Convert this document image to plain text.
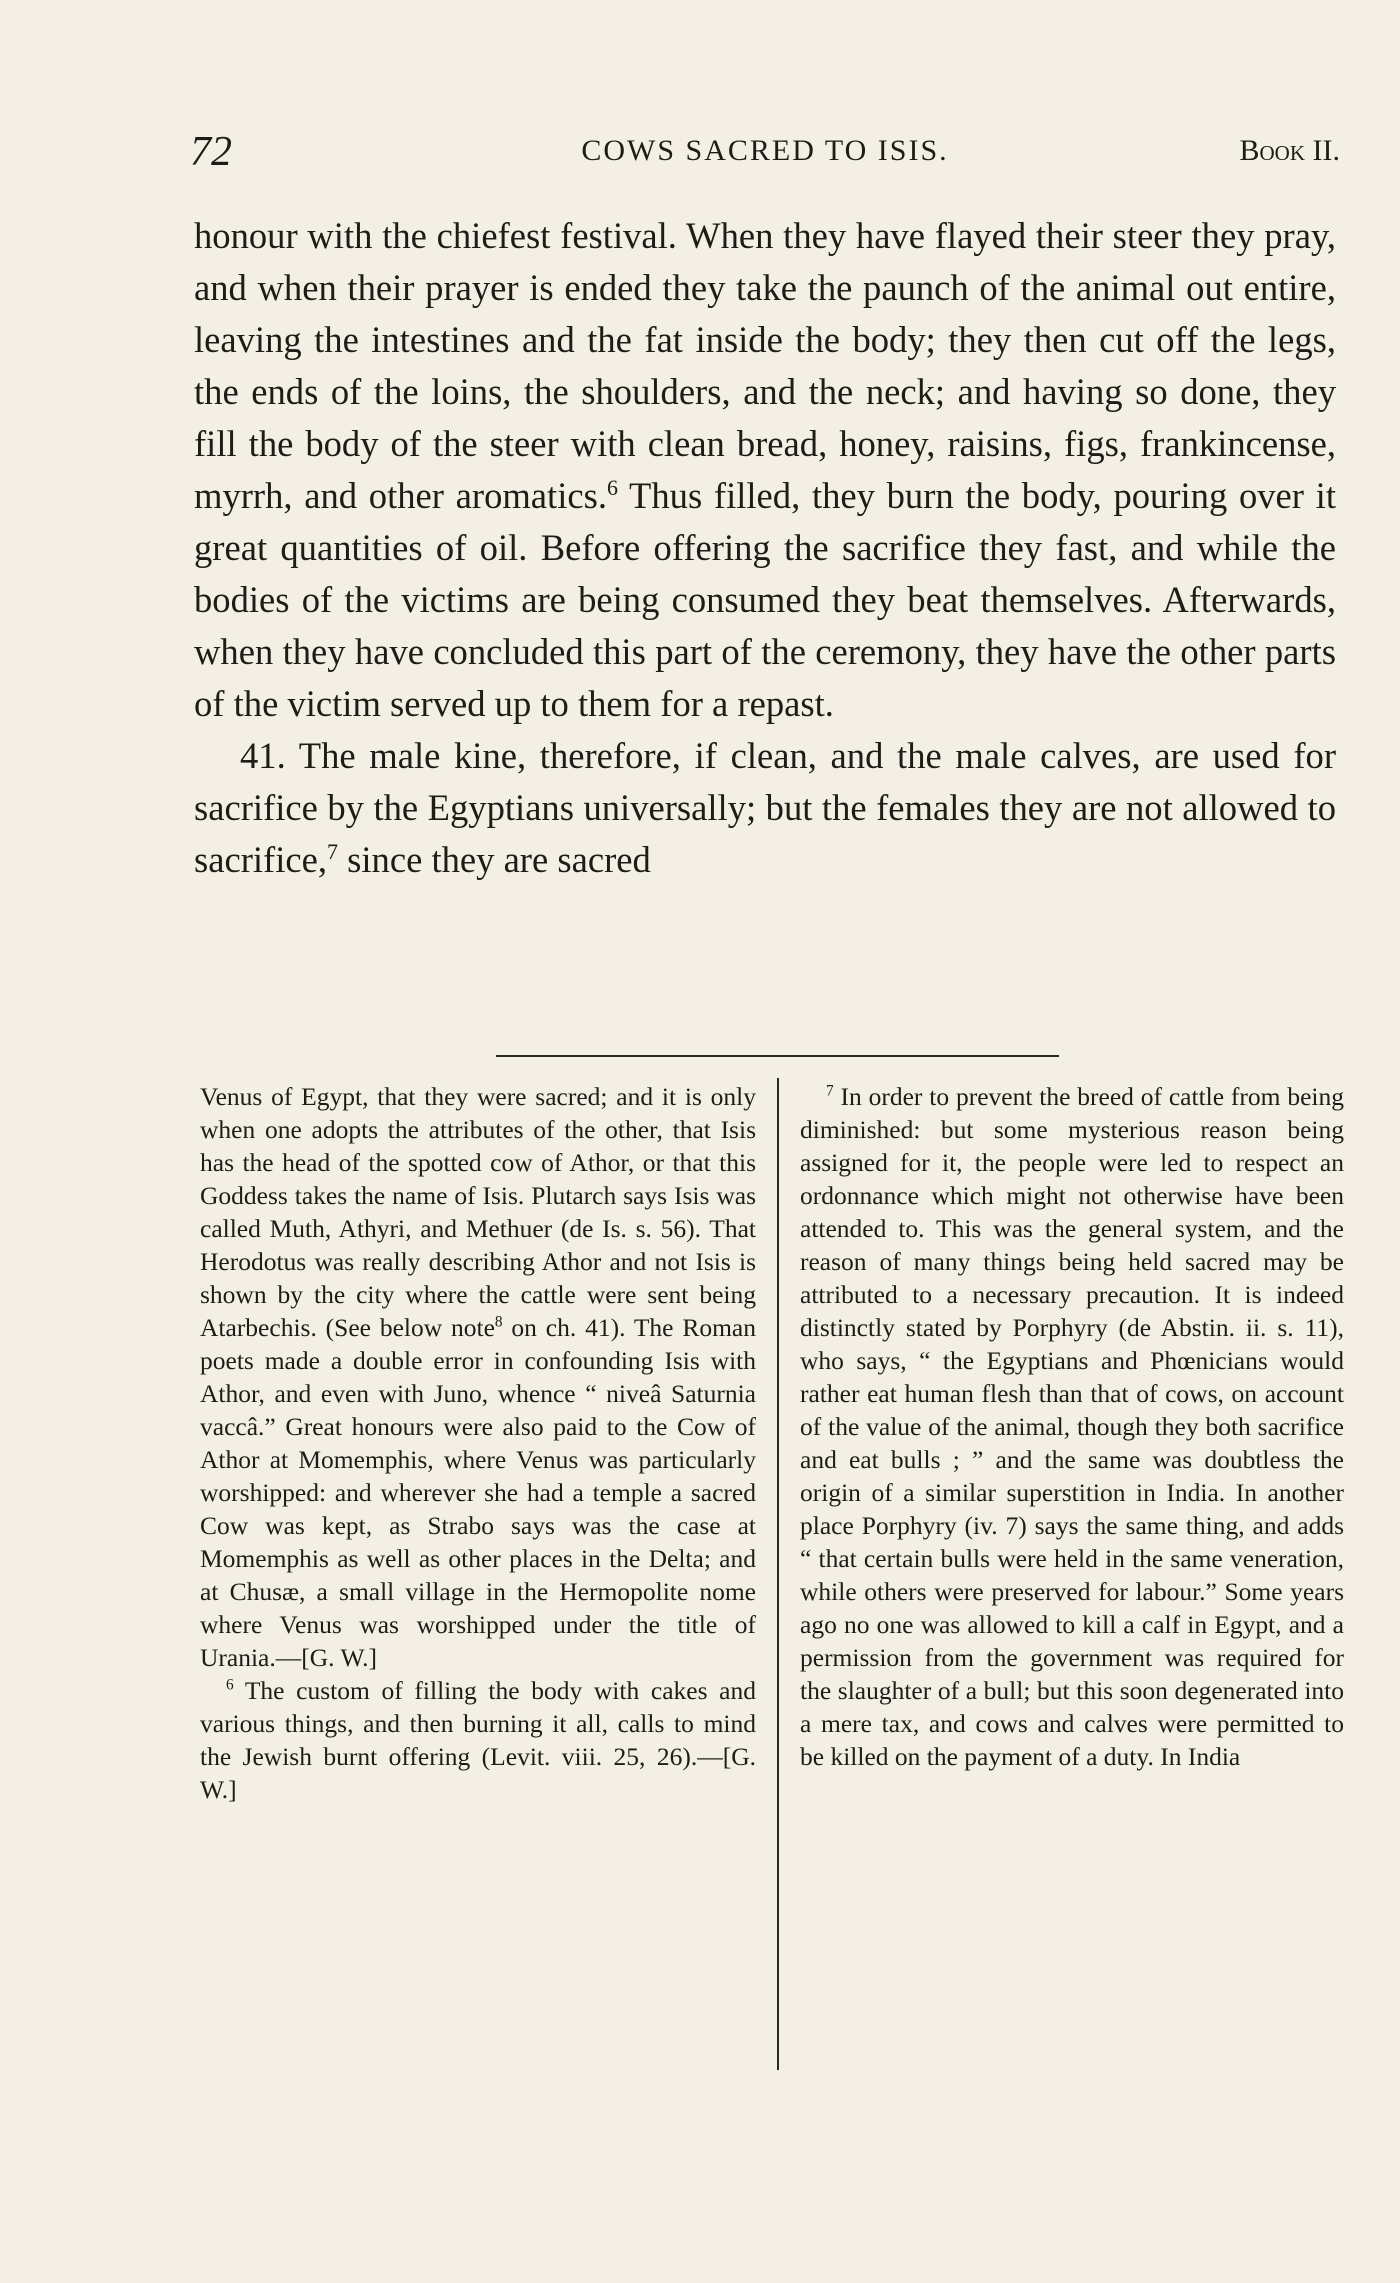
72	COWS SACRED TO ISIS.	Book II.

honour with the chiefest festival. When they have flayed their steer they pray, and when their prayer is ended they take the paunch of the animal out entire, leaving the intestines and the fat inside the body; they then cut off the legs, the ends of the loins, the shoulders, and the neck; and having so done, they fill the body of the steer with clean bread, honey, raisins, figs, frankincense, myrrh, and other aromatics.$^6$ Thus filled, they burn the body, pouring over it great quantities of oil. Before offering the sacrifice they fast, and while the bodies of the victims are being consumed they beat themselves. Afterwards, when they have concluded this part of the ceremony, they have the other parts of the victim served up to them for a repast.

41. The male kine, therefore, if clean, and the male calves, are used for sacrifice by the Egyptians universally; but the females they are not allowed to sacrifice,$^7$ since they are sacred

Venus of Egypt, that they were sacred; and it is only when one adopts the attributes of the other, that Isis has the head of the spotted cow of Athor, or that this Goddess takes the name of Isis. Plutarch says Isis was called Muth, Athyri, and Methuer (de Is. s. 56). That Herodotus was really describing Athor and not Isis is shown by the city where the cattle were sent being Atarbechis. (See below note$^8$ on ch. 41). The Roman poets made a double error in confounding Isis with Athor, and even with Juno, whence “ niveâ Saturnia vaccâ.” Great honours were also paid to the Cow of Athor at Momemphis, where Venus was particularly worshipped: and wherever she had a temple a sacred Cow was kept, as Strabo says was the case at Momemphis as well as other places in the Delta; and at Chusæ, a small village in the Hermopolite nome where Venus was worshipped under the title of Urania.—[G. W.]

$^6$ The custom of filling the body with cakes and various things, and then burning it all, calls to mind the Jewish burnt offering (Levit. viii. 25, 26).—[G. W.]

$^7$ In order to prevent the breed of cattle from being diminished: but some mysterious reason being assigned for it, the people were led to respect an ordonnance which might not otherwise have been attended to. This was the general system, and the reason of many things being held sacred may be attributed to a necessary precaution. It is indeed distinctly stated by Porphyry (de Abstin. ii. s. 11), who says, “ the Egyptians and Phœnicians would rather eat human flesh than that of cows, on account of the value of the animal, though they both sacrifice and eat bulls ; ” and the same was doubtless the origin of a similar superstition in India. In another place Porphyry (iv. 7) says the same thing, and adds “ that certain bulls were held in the same veneration, while others were preserved for labour.” Some years ago no one was allowed to kill a calf in Egypt, and a permission from the government was required for the slaughter of a bull; but this soon degenerated into a mere tax, and cows and calves were permitted to be killed on the payment of a duty. In India
